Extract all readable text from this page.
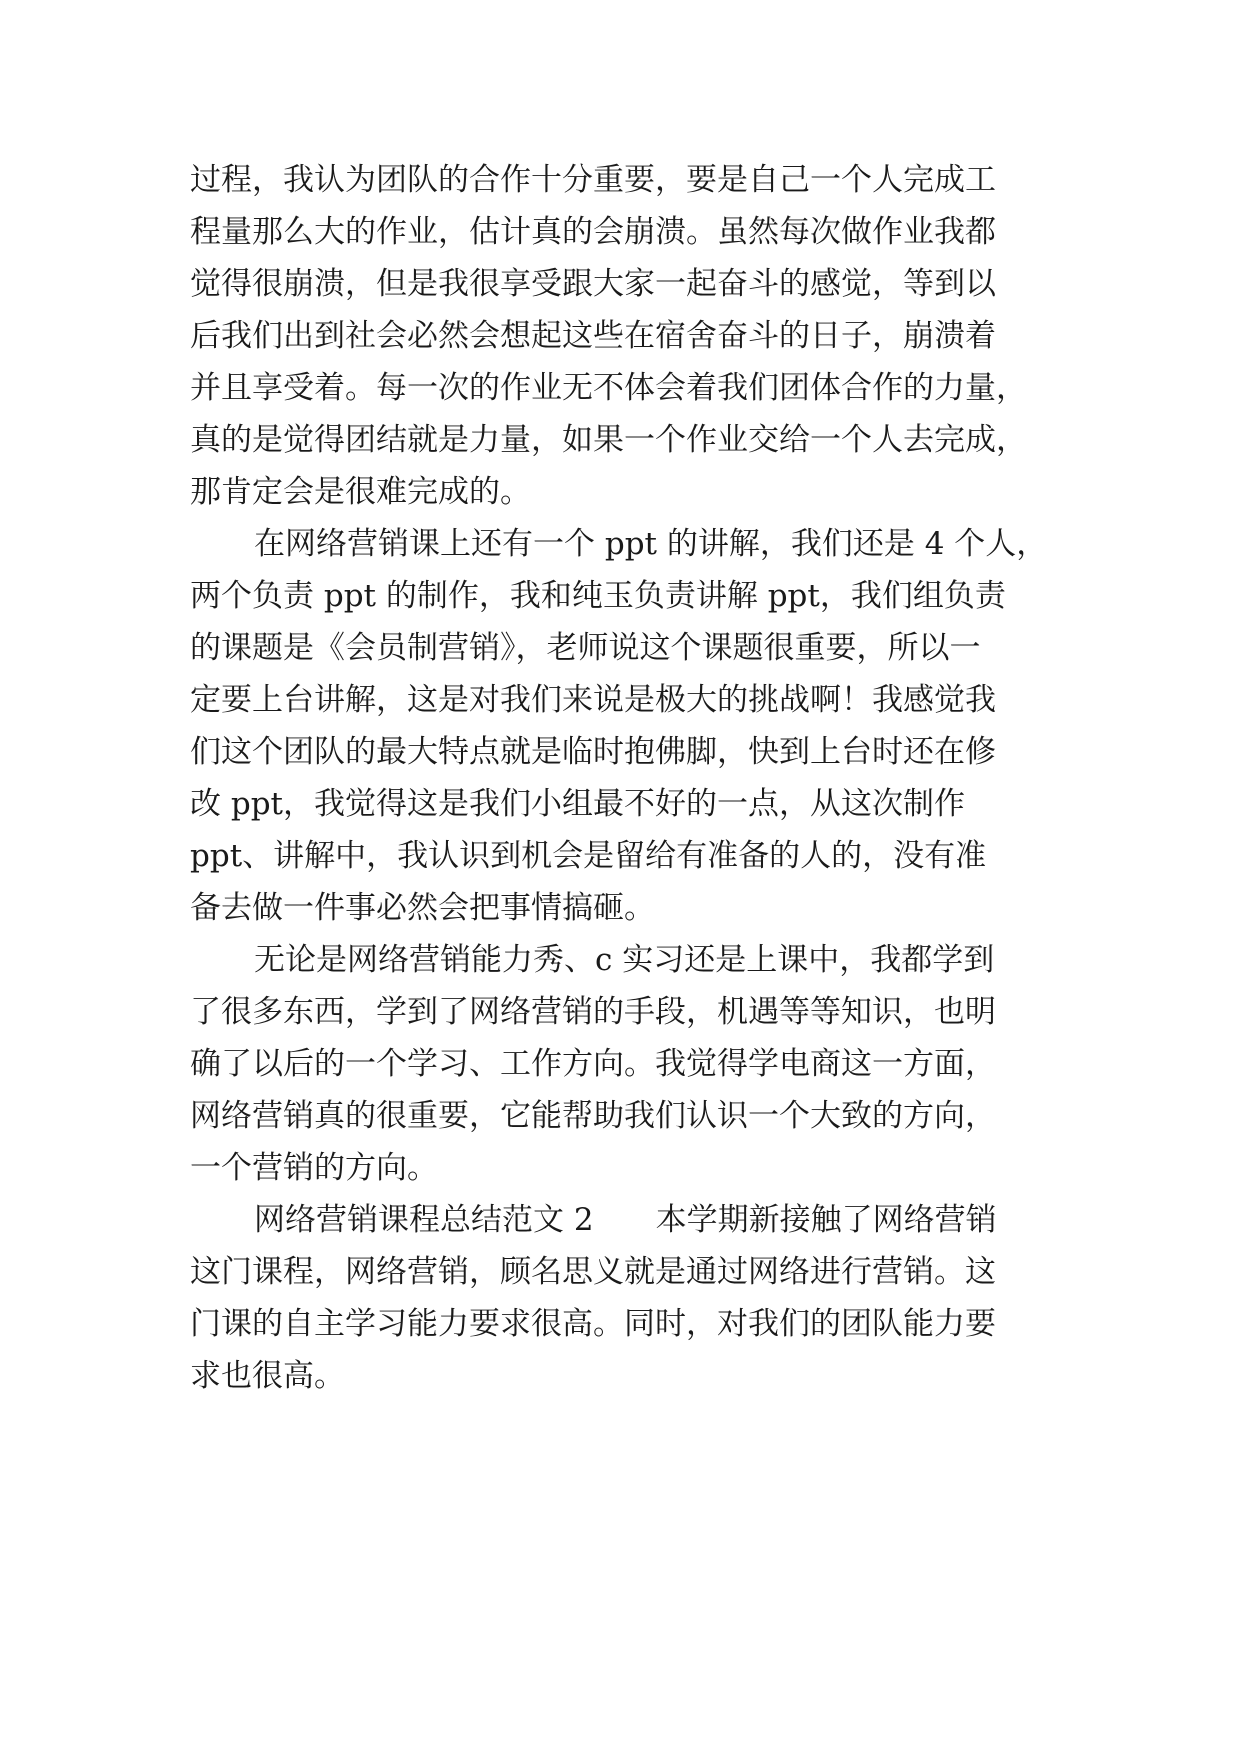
过程，我认为团队的合作十分重要，要是自己一个人完成工
程量那么大的作业，估计真的会崩溃。虽然每次做作业我都
觉得很崩溃，但是我很享受跟大家一起奋斗的感觉，等到以
后我们出到社会必然会想起这些在宿舍奋斗的日子，崩溃着
并且享受着。每一次的作业无不体会着我们团体合作的力量，
真的是觉得团结就是力量，如果一个作业交给一个人去完成，
那肯定会是很难完成的。
在网络营销课上还有一个 ppt 的讲解，我们还是 4 个人，
两个负责 ppt 的制作，我和纯玉负责讲解 ppt，我们组负责
的课题是《会员制营销》，老师说这个课题很重要，所以一
定要上台讲解，这是对我们来说是极大的挑战啊！我感觉我
们这个团队的最大特点就是临时抱佛脚，快到上台时还在修
改 ppt，我觉得这是我们小组最不好的一点，从这次制作
ppt、讲解中，我认识到机会是留给有准备的人的，没有准
备去做一件事必然会把事情搞砸。
无论是网络营销能力秀、c 实习还是上课中，我都学到
了很多东西，学到了网络营销的手段，机遇等等知识，也明
确了以后的一个学习、工作方向。我觉得学电商这一方面，
网络营销真的很重要，它能帮助我们认识一个大致的方向，
一个营销的方向。
网络营销课程总结范文 2　　本学期新接触了网络营销
这门课程，网络营销，顾名思义就是通过网络进行营销。这
门课的自主学习能力要求很高。同时，对我们的团队能力要
求也很高。
